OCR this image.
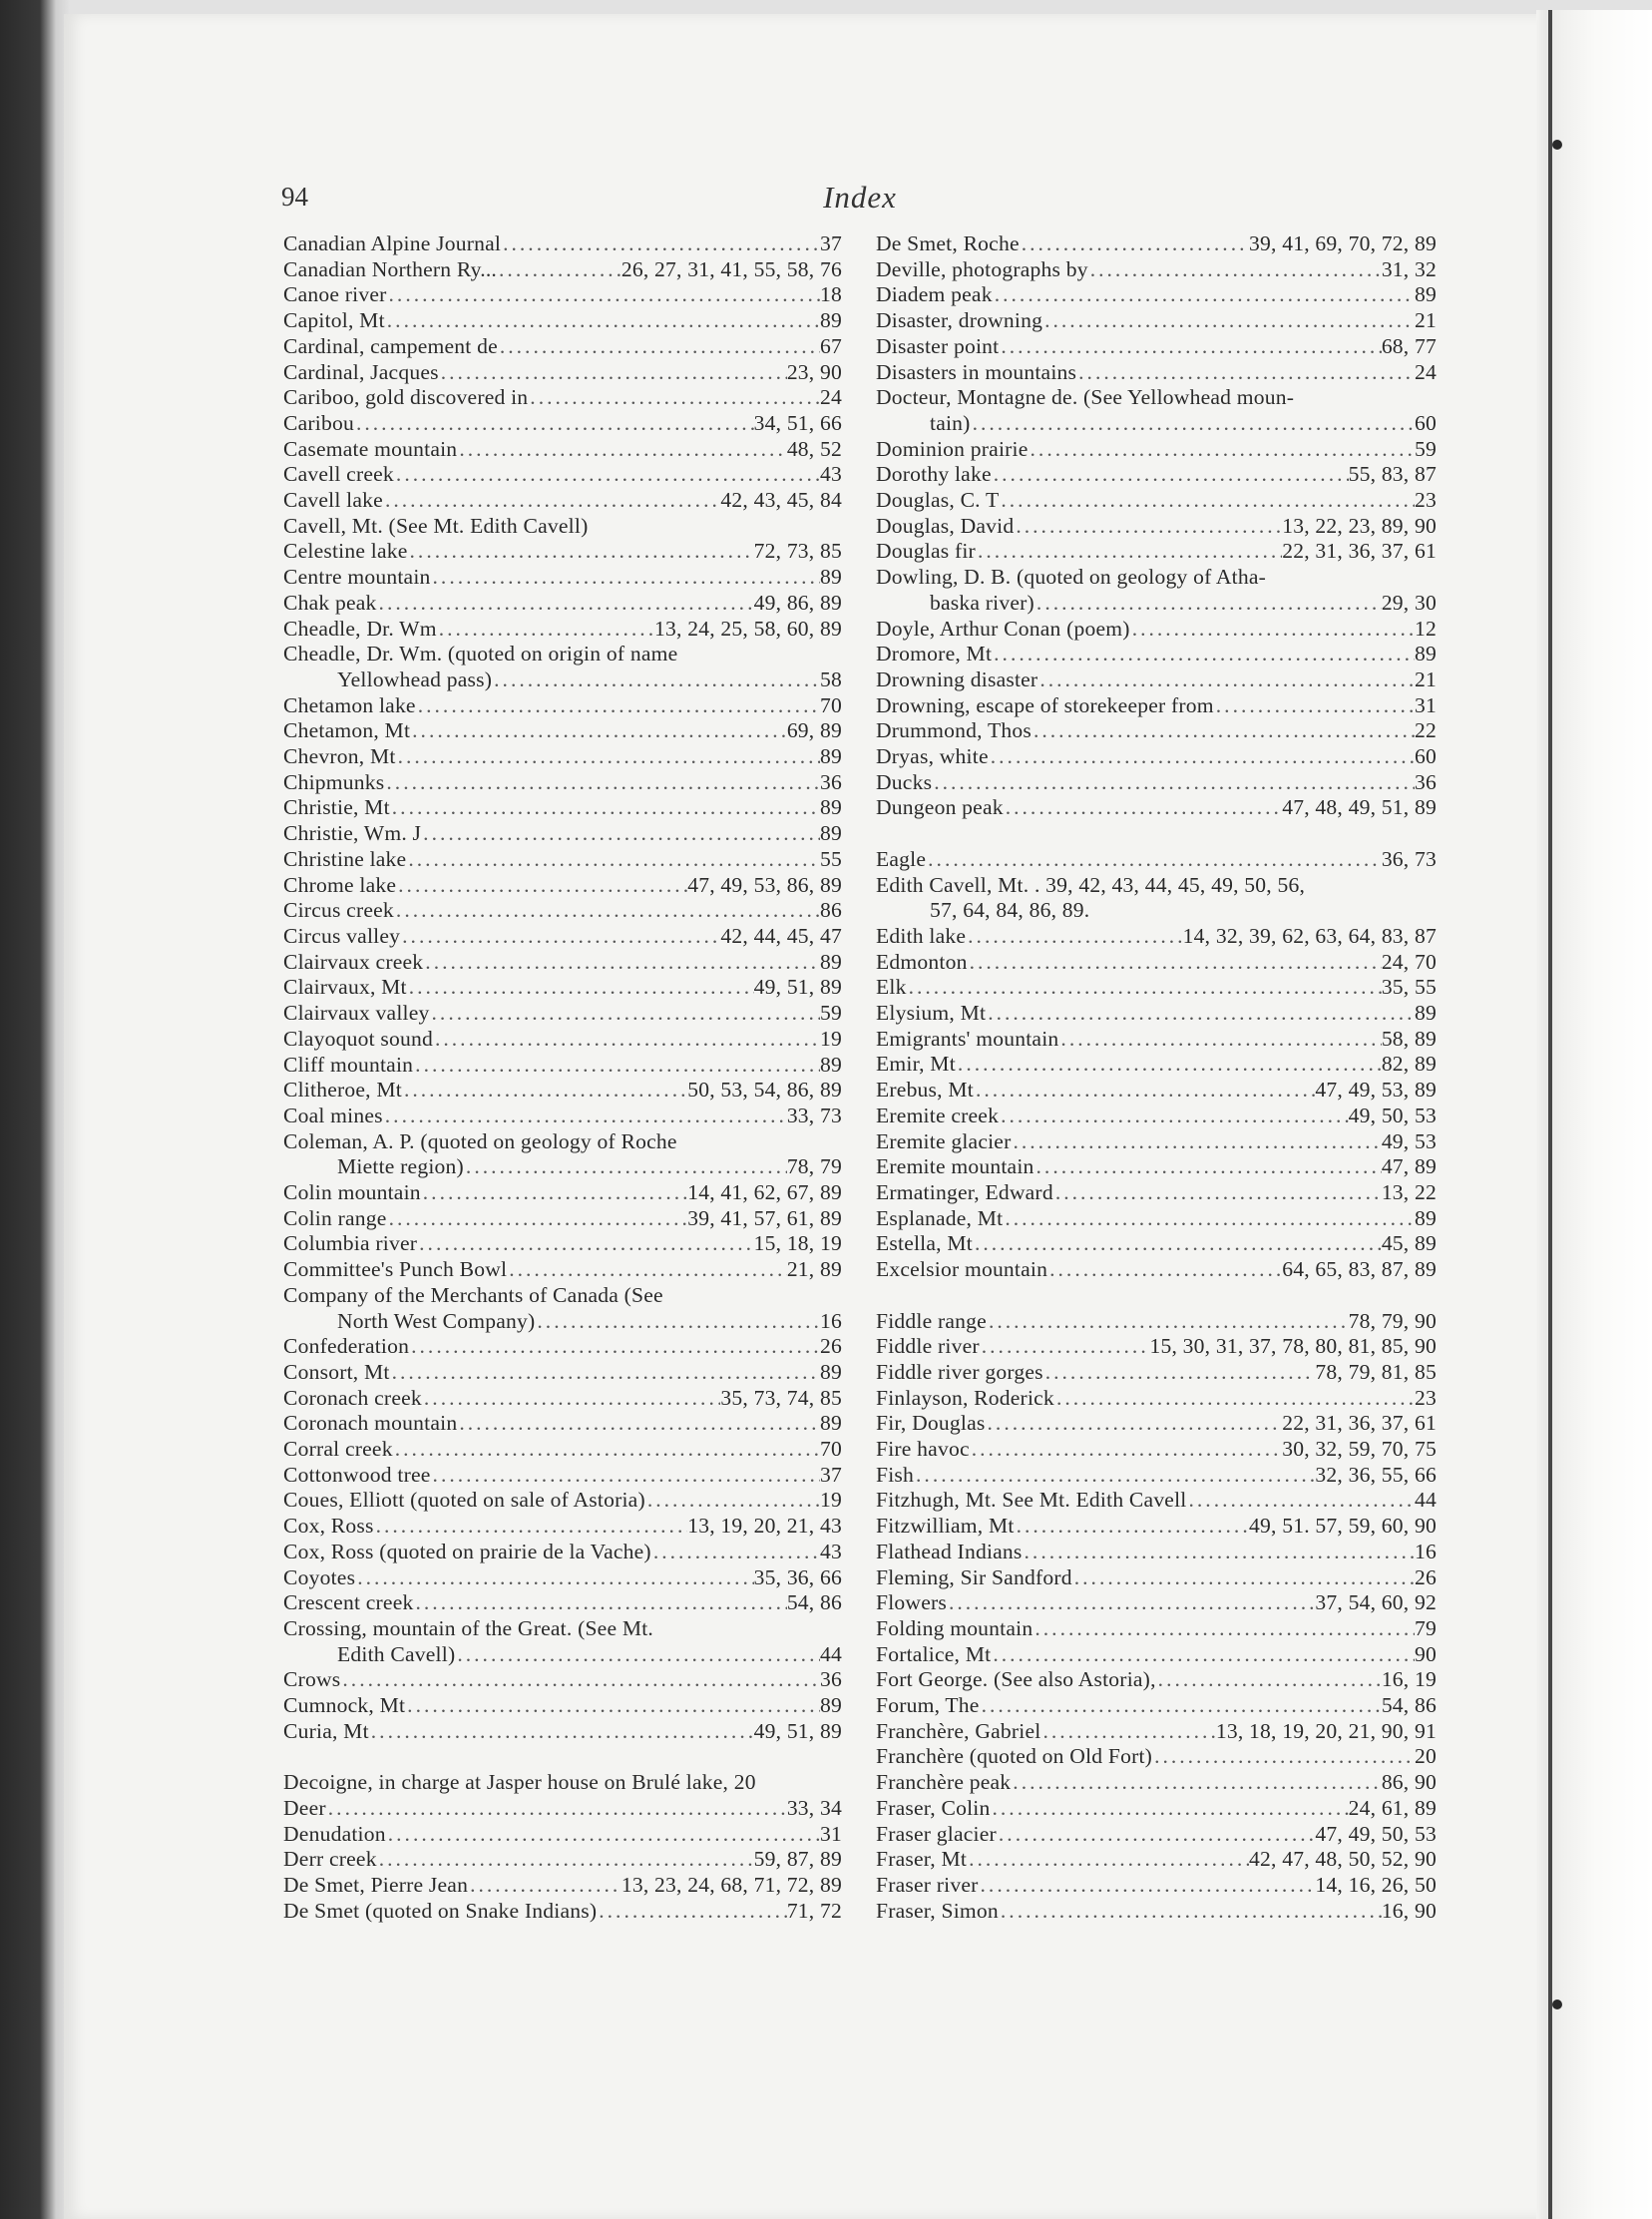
94	Index
Canadian Alpine Journal .....	37
Canadian Northern Ry... .....	26, 27, 31, 41, 55, 58, 76
Canoe river .....	18
Capitol, Mt .....	89
Cardinal, campement de .....	67
Cardinal, Jacques .....	23, 90
Cariboo, gold discovered in .....	24
Caribou .....	34, 51, 66
Casemate mountain .....	48, 52
Cavell creek .....	43
Cavell lake .....	42, 43, 45, 84
Cavell, Mt. (See Mt. Edith Cavell)
Celestine lake .....	72, 73, 85
Centre mountain .....	89
Chak peak .....	49, 86, 89
Cheadle, Dr. Wm .....	13, 24, 25, 58, 60, 89
Cheadle, Dr. Wm. (quoted on origin of name
Yellowhead pass) .....	58
Chetamon lake .....	70
Chetamon, Mt .....	69, 89
Chevron, Mt .....	89
Chipmunks .....	36
Christie, Mt .....	89
Christie, Wm. J .....	89
Christine lake .....	55
Chrome lake .....	47, 49, 53, 86, 89
Circus creek .....	86
Circus valley .....	42, 44, 45, 47
Clairvaux creek .....	89
Clairvaux, Mt .....	49, 51, 89
Clairvaux valley .....	59
Clayoquot sound .....	19
Cliff mountain .....	89
Clitheroe, Mt .....	50, 53, 54, 86, 89
Coal mines .....	33, 73
Coleman, A. P. (quoted on geology of Roche
Miette region) .....	78, 79
Colin mountain .....	14, 41, 62, 67, 89
Colin range .....	39, 41, 57, 61, 89
Columbia river .....	15, 18, 19
Committee's Punch Bowl .....	21, 89
Company of the Merchants of Canada (See
North West Company) .....	16
Confederation .....	26
Consort, Mt .....	89
Coronach creek .....	35, 73, 74, 85
Coronach mountain .....	89
Corral creek .....	70
Cottonwood tree .....	37
Coues, Elliott (quoted on sale of Astoria) .....	19
Cox, Ross .....	13, 19, 20, 21, 43
Cox, Ross (quoted on prairie de la Vache) .....	43
Coyotes .....	35, 36, 66
Crescent creek .....	54, 86
Crossing, mountain of the Great. (See Mt.
Edith Cavell) .....	44
Crows .....	36
Cumnock, Mt .....	89
Curia, Mt .....	49, 51, 89
Decoigne, in charge at Jasper house on Brulé lake, 20
Deer .....	33, 34
Denudation .....	31
Derr creek .....	59, 87, 89
De Smet, Pierre Jean .....	13, 23, 24, 68, 71, 72, 89
De Smet (quoted on Snake Indians) .....	71, 72
De Smet, Roche .....	39, 41, 69, 70, 72, 89
Deville, photographs by .....	31, 32
Diadem peak .....	89
Disaster, drowning .....	21
Disaster point .....	68, 77
Disasters in mountains .....	24
Docteur, Montagne de. (See Yellowhead moun-
tain) .....	60
Dominion prairie .....	59
Dorothy lake .....	55, 83, 87
Douglas, C. T .....	23
Douglas, David .....	13, 22, 23, 89, 90
Douglas fir .....	22, 31, 36, 37, 61
Dowling, D. B. (quoted on geology of Atha-
baska river) .....	29, 30
Doyle, Arthur Conan (poem) .....	12
Dromore, Mt .....	89
Drowning disaster .....	21
Drowning, escape of storekeeper from .....	31
Drummond, Thos .....	22
Dryas, white .....	60
Ducks .....	36
Dungeon peak .....	47, 48, 49, 51, 89
Eagle .....	36, 73
Edith Cavell, Mt. . 39, 42, 43, 44, 45, 49, 50, 56,
57, 64, 84, 86, 89.
Edith lake .....	14, 32, 39, 62, 63, 64, 83, 87
Edmonton .....	24, 70
Elk .....	35, 55
Elysium, Mt .....	89
Emigrants' mountain .....	58, 89
Emir, Mt .....	82, 89
Erebus, Mt .....	47, 49, 53, 89
Eremite creek .....	49, 50, 53
Eremite glacier .....	49, 53
Eremite mountain .....	47, 89
Ermatinger, Edward .....	13, 22
Esplanade, Mt .....	89
Estella, Mt .....	45, 89
Excelsior mountain .....	64, 65, 83, 87, 89
Fiddle range .....	78, 79, 90
Fiddle river .....	15, 30, 31, 37, 78, 80, 81, 85, 90
Fiddle river gorges .....	78, 79, 81, 85
Finlayson, Roderick .....	23
Fir, Douglas .....	22, 31, 36, 37, 61
Fire havoc .....	30, 32, 59, 70, 75
Fish .....	32, 36, 55, 66
Fitzhugh, Mt. See Mt. Edith Cavell .....	44
Fitzwilliam, Mt .....	49, 51. 57, 59, 60, 90
Flathead Indians .....	16
Fleming, Sir Sandford .....	26
Flowers .....	37, 54, 60, 92
Folding mountain .....	79
Fortalice, Mt .....	90
Fort George. (See also Astoria), .....	16, 19
Forum, The .....	54, 86
Franchère, Gabriel .....	13, 18, 19, 20, 21, 90, 91
Franchère (quoted on Old Fort) .....	20
Franchère peak .....	86, 90
Fraser, Colin .....	24, 61, 89
Fraser glacier .....	47, 49, 50, 53
Fraser, Mt .....	42, 47, 48, 50, 52, 90
Fraser river .....	14, 16, 26, 50
Fraser, Simon .....	16, 90
